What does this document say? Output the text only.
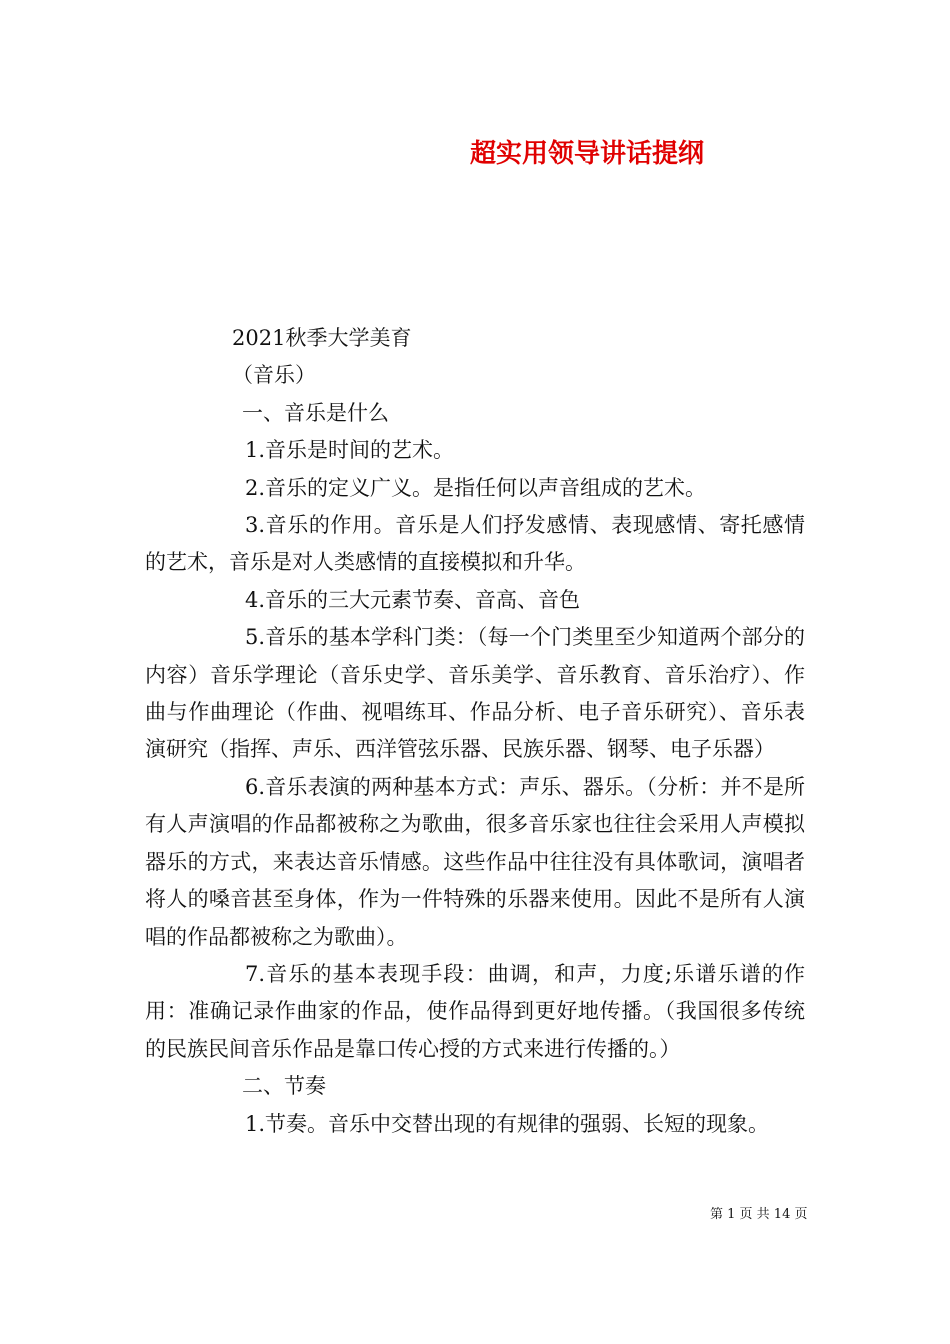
超实用领导讲话提纲

2021秋季大学美育

（音乐）

一、音乐是什么

1.音乐是时间的艺术。

2.音乐的定义广义。是指任何以声音组成的艺术。

3.音乐的作用。音乐是人们抒发感情、表现感情、寄托感情的艺术，音乐是对人类感情的直接模拟和升华。

4.音乐的三大元素节奏、音高、音色

5.音乐的基本学科门类：（每一个门类里至少知道两个部分的内容）音乐学理论（音乐史学、音乐美学、音乐教育、音乐治疗）、作曲与作曲理论（作曲、视唱练耳、作品分析、电子音乐研究）、音乐表演研究（指挥、声乐、西洋管弦乐器、民族乐器、钢琴、电子乐器）

6.音乐表演的两种基本方式：声乐、器乐。（分析：并不是所有人声演唱的作品都被称之为歌曲，很多音乐家也往往会采用人声模拟器乐的方式，来表达音乐情感。这些作品中往往没有具体歌词，演唱者将人的嗓音甚至身体，作为一件特殊的乐器来使用。因此不是所有人演唱的作品都被称之为歌曲）。

7.音乐的基本表现手段：曲调，和声，力度;乐谱乐谱的作用：准确记录作曲家的作品，使作品得到更好地传播。（我国很多传统的民族民间音乐作品是靠口传心授的方式来进行传播的。）

二、节奏

1.节奏。音乐中交替出现的有规律的强弱、长短的现象。

第 1 页 共 14 页
